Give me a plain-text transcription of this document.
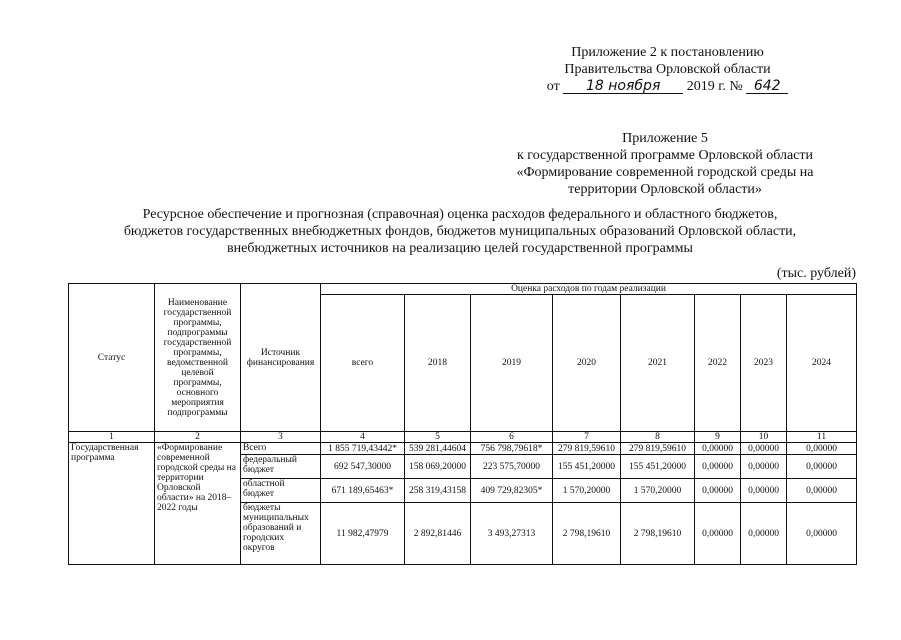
Приложение 2 к постановлению
Правительства Орловской области
от 18 ноября 2019 г. № 642
Приложение 5
к государственной программе Орловской области
«Формирование современной городской среды на
территории Орловской области»
Ресурсное обеспечение и прогнозная (справочная) оценка расходов федерального и областного бюджетов,
бюджетов государственных внебюджетных фондов, бюджетов муниципальных образований Орловской области,
внебюджетных источников на реализацию целей государственной программы
(тыс. рублей)
Статус	Наименование государственной программы, подпрограммы государственной программы, ведомственной целевой программы, основного мероприятия подпрограммы	Источник финансирования	Оценка расходов по годам реализации							
			всего	2018	2019	2020	2021	2022	2023	2024
1	2	3	4	5	6	7	8	9	10	11
Государственная программа	«Формирование современной городской среды на территории Орловской области» на 2018–2022 годы	Всего	1 855 719,43442*	539 281,44604	756 798,79618*	279 819,59610	279 819,59610	0,00000	0,00000	0,00000
		федеральный бюджет	692 547,30000	158 069,20000	223 575,70000	155 451,20000	155 451,20000	0,00000	0,00000	0,00000
		областной бюджет	671 189,65463*	258 319,43158	409 729,82305*	1 570,20000	1 570,20000	0,00000	0,00000	0,00000
		бюджеты муниципальных образований и городских округов	11 982,47979	2 892,81446	3 493,27313	2 798,19610	2 798,19610	0,00000	0,00000	0,00000
